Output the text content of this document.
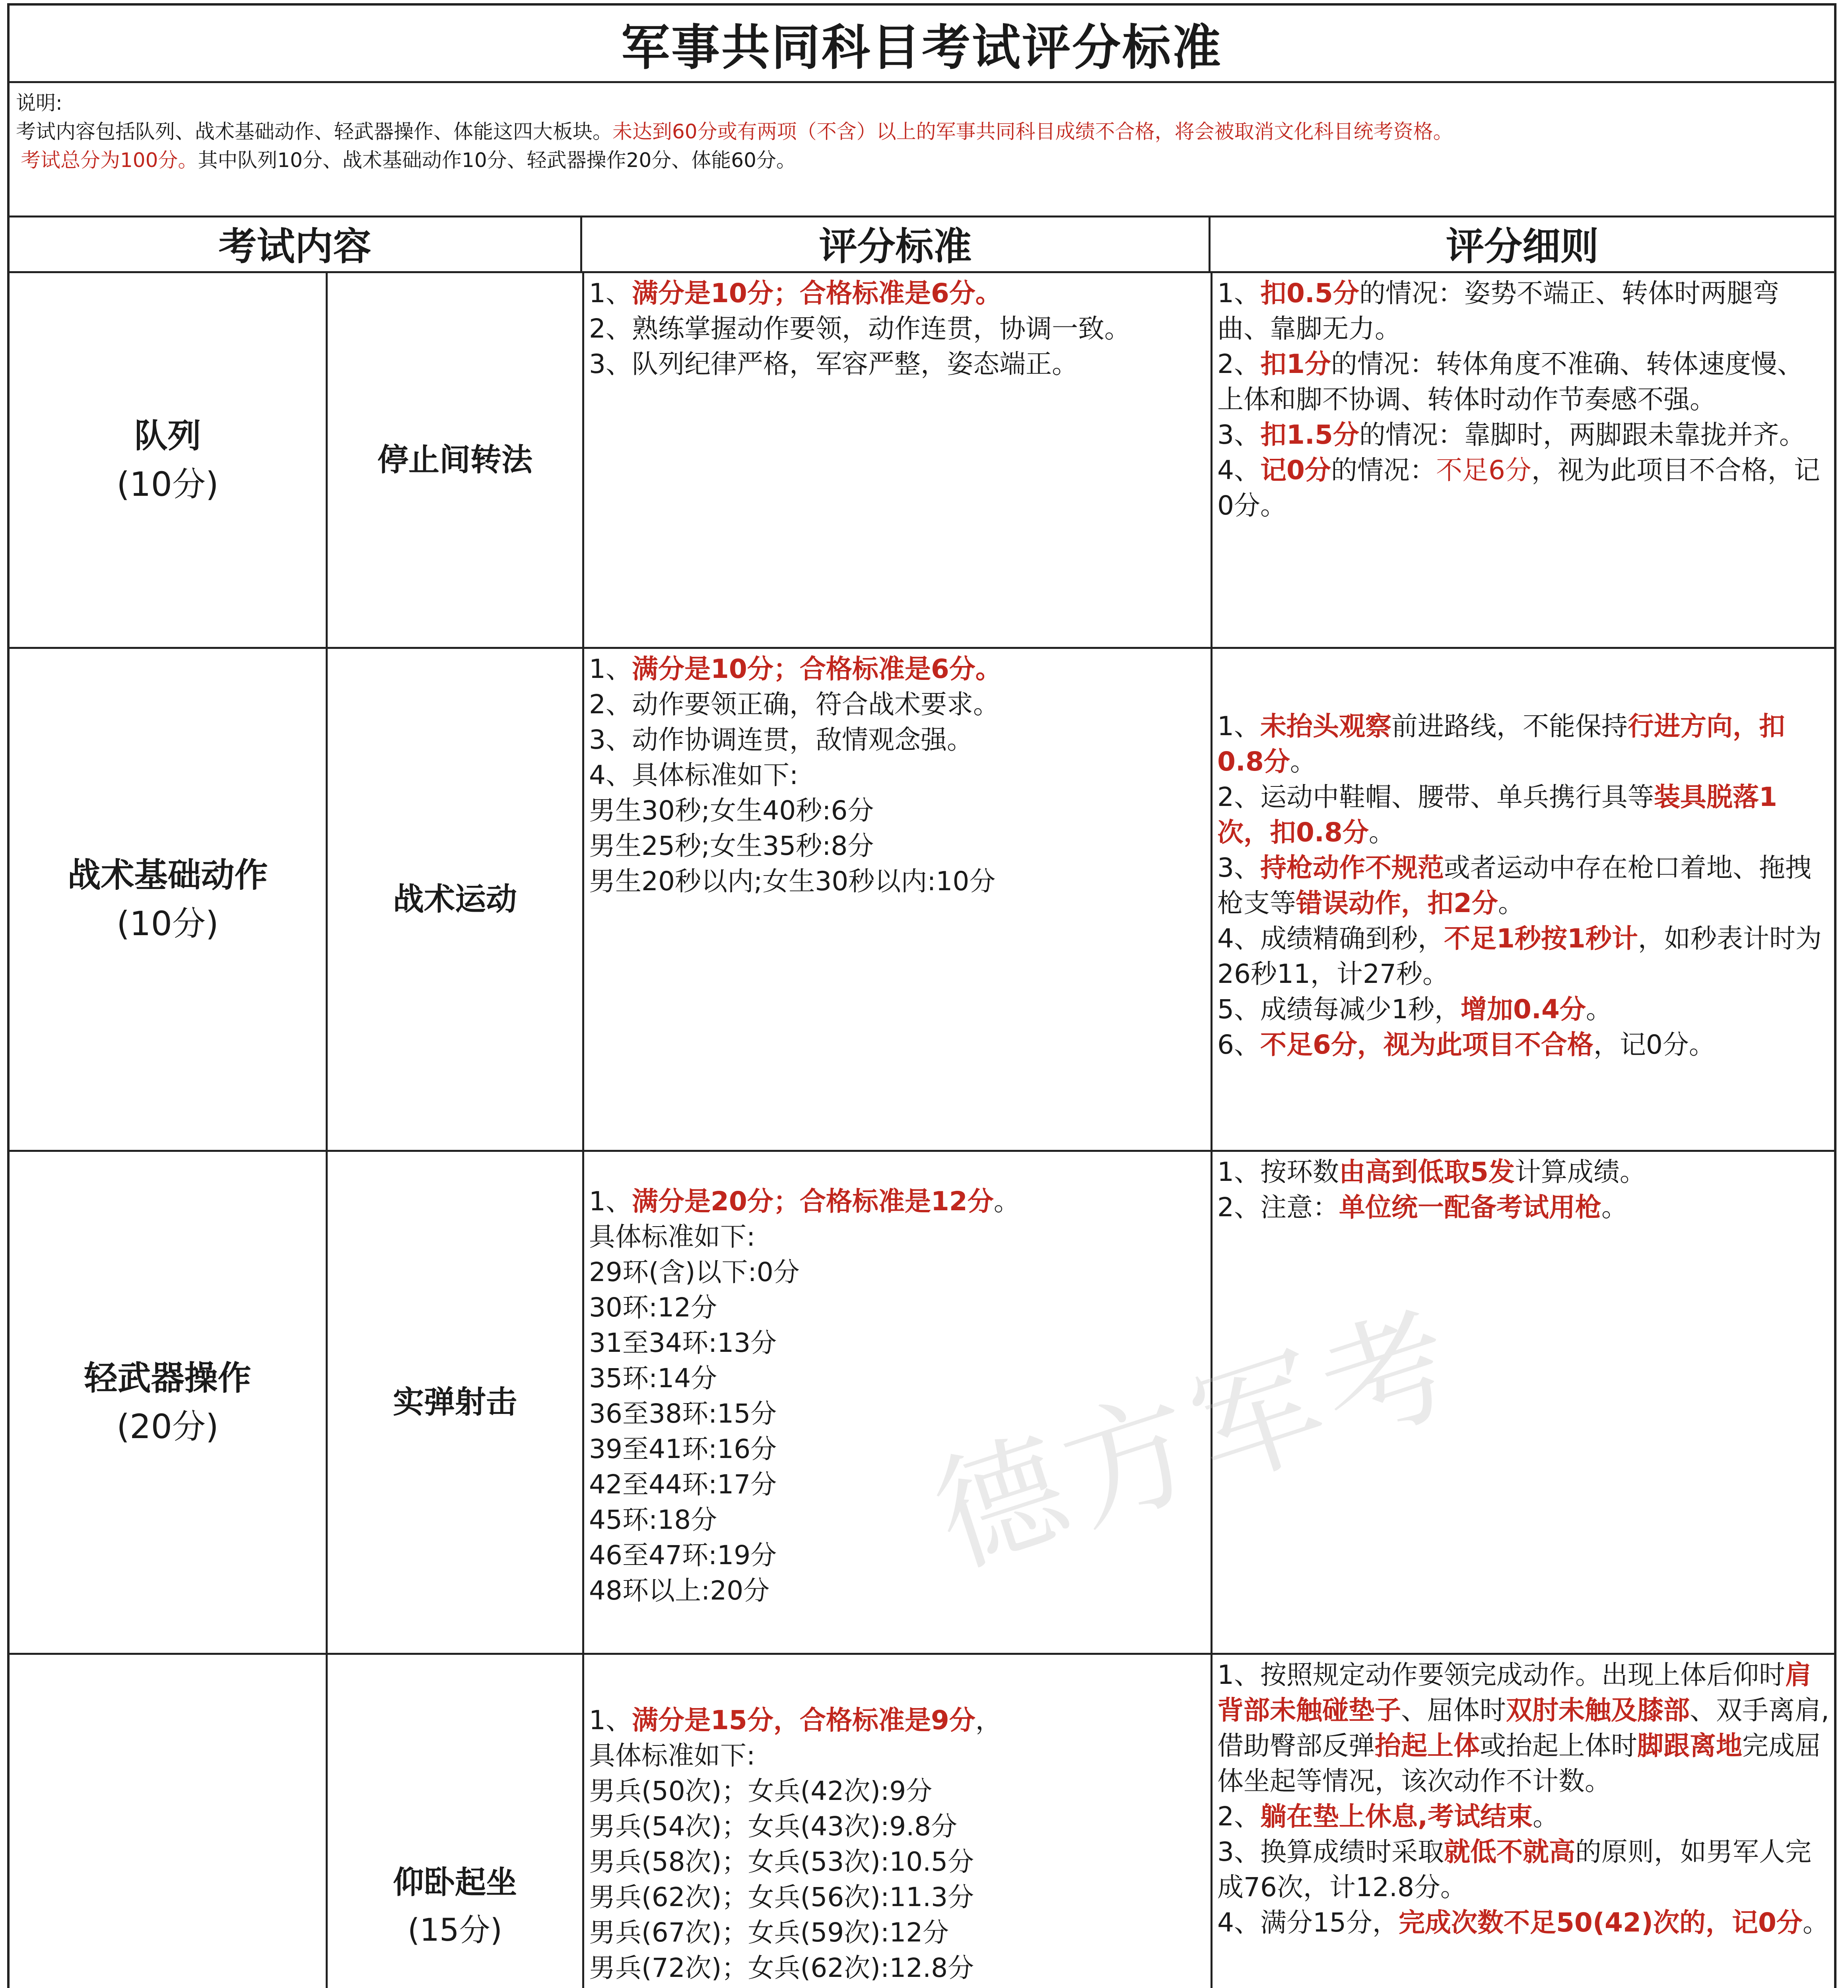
军事共同科目考试评分标准
说明:
考试内容包括队列、战术基础动作、轻武器操作、体能这四大板块。未达到60分或有两项（不含）以上的军事共同科目成绩不合格，将会被取消文化科目统考资格。
考试总分为100分。其中队列10分、战术基础动作10分、轻武器操作20分、体能60分。
考试内容	评分标准	评分细则
队列
(10分)
停止间转法
1、满分是10分；合格标准是6分。
2、熟练掌握动作要领，动作连贯，协调一致。
3、队列纪律严格，军容严整，姿态端正。
1、扣0.5分的情况：姿势不端正、转体时两腿弯曲、靠脚无力。
2、扣1分的情况：转体角度不准确、转体速度慢、上体和脚不协调、转体时动作节奏感不强。
3、扣1.5分的情况：靠脚时，两脚跟未靠拢并齐。
4、记0分的情况：不足6分，视为此项目不合格，记0分。
战术基础动作
(10分)
战术运动
1、满分是10分；合格标准是6分。
2、动作要领正确，符合战术要求。
3、动作协调连贯，敌情观念强。
4、具体标准如下:
男生30秒;女生40秒:6分
男生25秒;女生35秒:8分
男生20秒以内;女生30秒以内:10分
1、未抬头观察前进路线，不能保持行进方向，扣0.8分。
2、运动中鞋帽、腰带、单兵携行具等装具脱落1次，扣0.8分。
3、持枪动作不规范或者运动中存在枪口着地、拖拽枪支等错误动作，扣2分。
4、成绩精确到秒，不足1秒按1秒计，如秒表计时为26秒11，计27秒。
5、成绩每减少1秒，增加0.4分。
6、不足6分，视为此项目不合格，记0分。
轻武器操作
(20分)
实弹射击
1、满分是20分；合格标准是12分。
具体标准如下:
29环(含)以下:0分
30环:12分
31至34环:13分
35环:14分
36至38环:15分
39至41环:16分
42至44环:17分
45环:18分
46至47环:19分
48环以上:20分
1、按环数由高到低取5发计算成绩。
2、注意：单位统一配备考试用枪。
仰卧起坐
(15分)
1、满分是15分，合格标准是9分，
具体标准如下:
男兵(50次)；女兵(42次):9分
男兵(54次)；女兵(43次):9.8分
男兵(58次)；女兵(53次):10.5分
男兵(62次)；女兵(56次):11.3分
男兵(67次)；女兵(59次):12分
男兵(72次)；女兵(62次):12.8分
1、按照规定动作要领完成动作。出现上体后仰时肩背部未触碰垫子、屈体时双肘未触及膝部、双手离肩,借助臀部反弹抬起上体或抬起上体时脚跟离地完成屈体坐起等情况，该次动作不计数。
2、躺在垫上休息,考试结束。
3、换算成绩时采取就低不就高的原则，如男军人完成76次，计12.8分。
4、满分15分，完成次数不足50(42)次的，记0分。
德方军考
